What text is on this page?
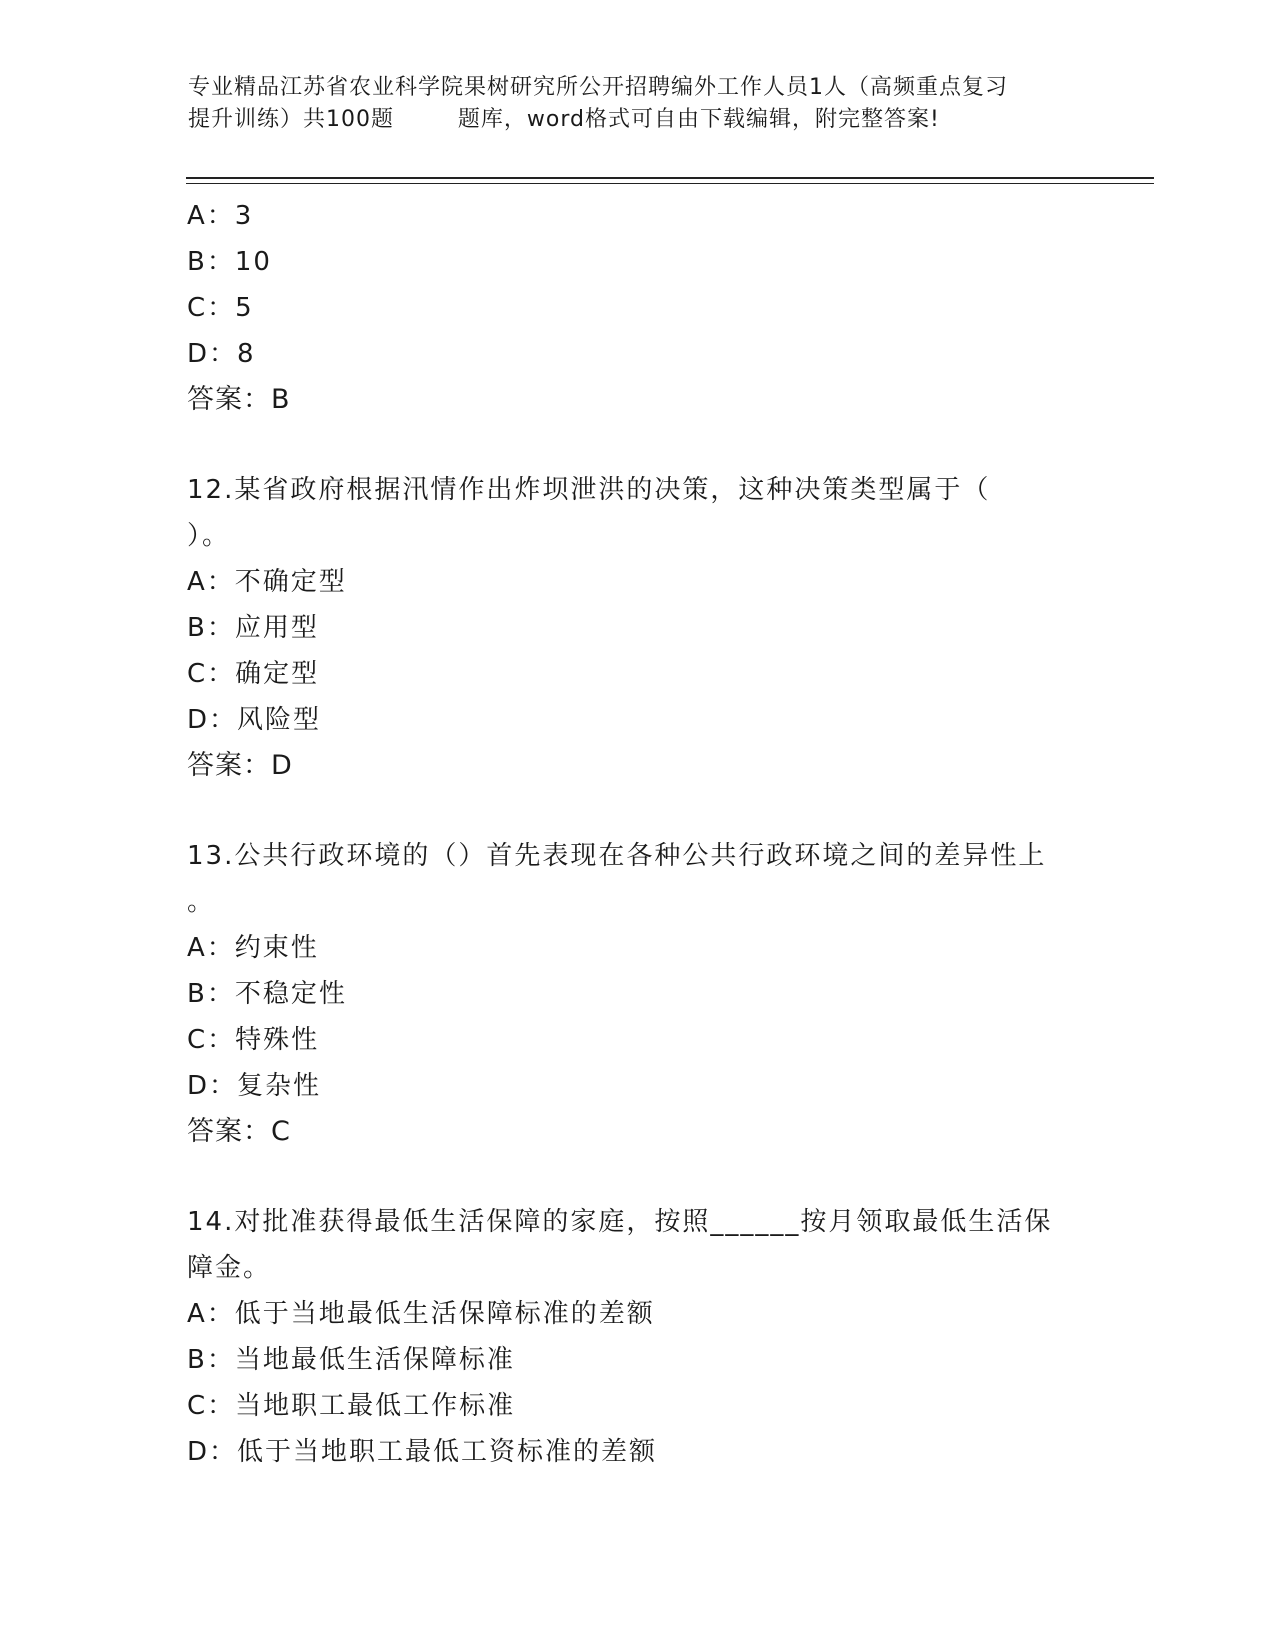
专业精品江苏省农业科学院果树研究所公开招聘编外工作人员1人（高频重点复习
提升训练）共100题        题库，word格式可自由下载编辑，附完整答案!
A：3
B：10
C：5
D：8
答案：B
12.某省政府根据汛情作出炸坝泄洪的决策，这种决策类型属于（
）。
A：不确定型
B：应用型
C：确定型
D：风险型
答案：D
13.公共行政环境的（）首先表现在各种公共行政环境之间的差异性上
。
A：约束性
B：不稳定性
C：特殊性
D：复杂性
答案：C
14.对批准获得最低生活保障的家庭，按照______按月领取最低生活保
障金。
A：低于当地最低生活保障标准的差额
B：当地最低生活保障标准
C：当地职工最低工作标准
D：低于当地职工最低工资标准的差额
